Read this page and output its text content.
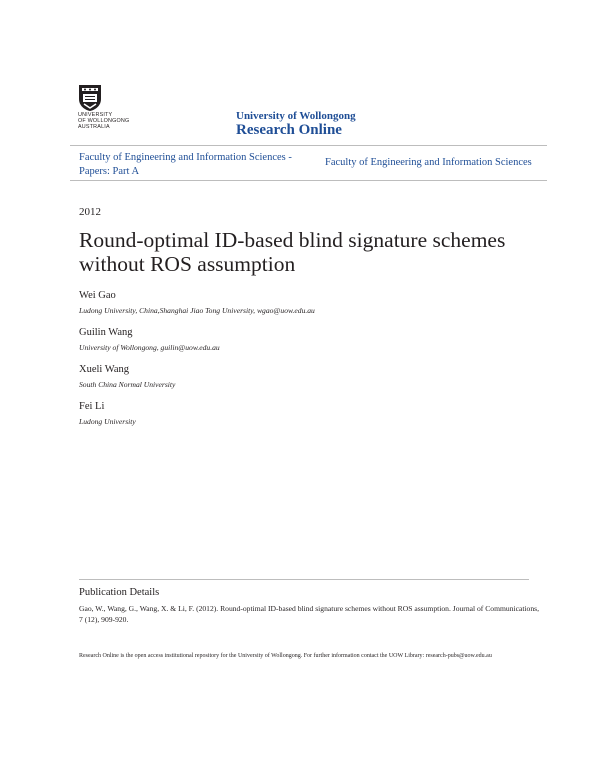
UNIVERSITY
OF WOLLONGONG
AUSTRALIA
University of Wollongong
Research Online
Faculty of Engineering and Information Sciences - Papers: Part A
Faculty of Engineering and Information Sciences
2012
Round-optimal ID-based blind signature schemes without ROS assumption
Wei Gao
Ludong University, China,Shanghai Jiao Tong University, wgao@uow.edu.au
Guilin Wang
University of Wollongong, guilin@uow.edu.au
Xueli Wang
South China Normal University
Fei Li
Ludong University
Publication Details
Gao, W., Wang, G., Wang, X. & Li, F. (2012). Round-optimal ID-based blind signature schemes without ROS assumption. Journal of Communications, 7 (12), 909-920.
Research Online is the open access institutional repository for the University of Wollongong. For further information contact the UOW Library: research-pubs@uow.edu.au
